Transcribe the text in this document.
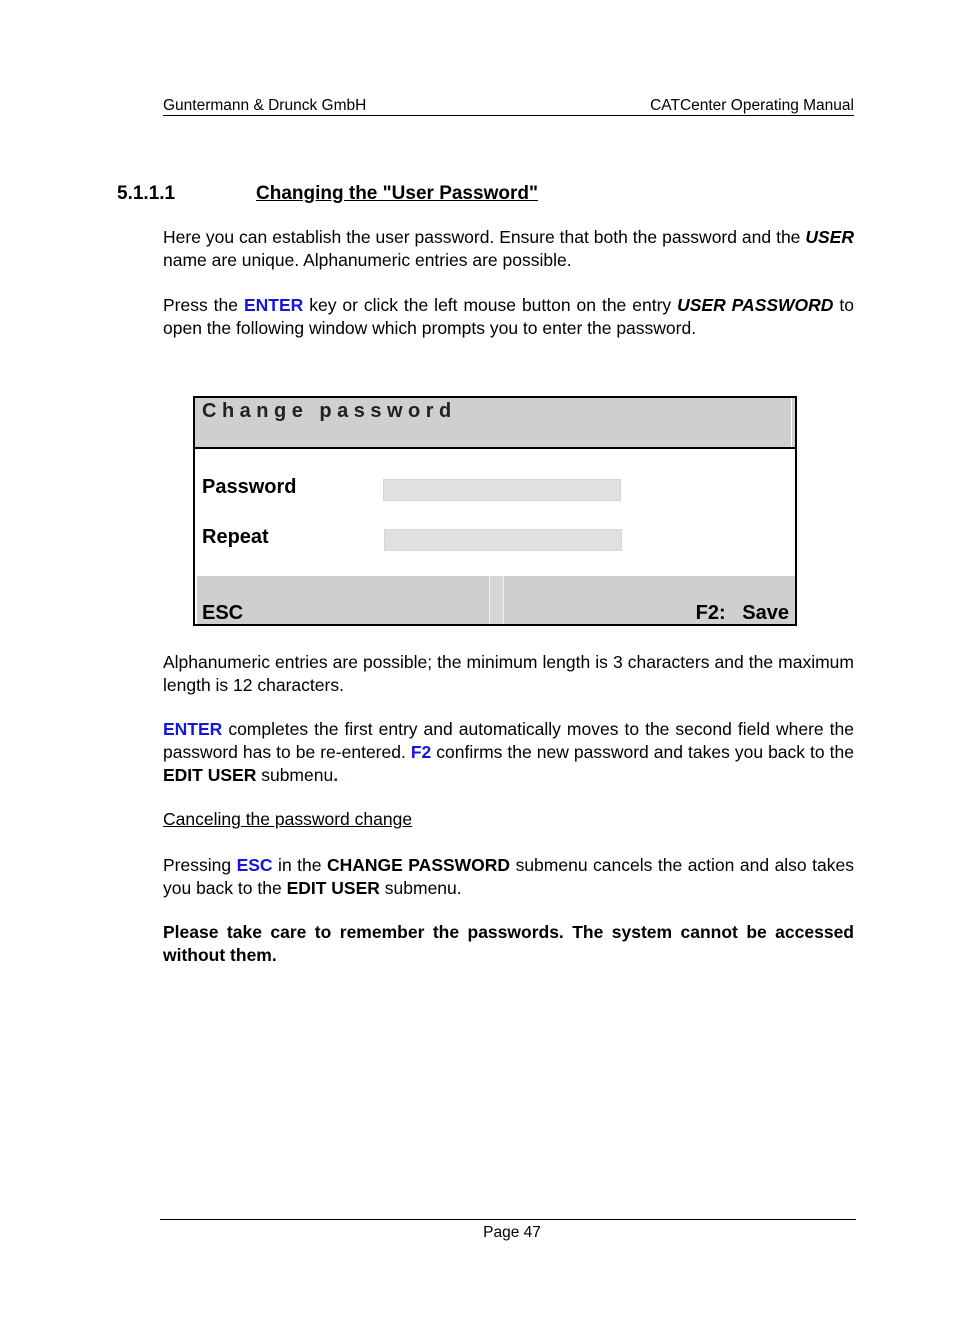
Guntermann & Drunck GmbH	CATCenter Operating Manual
5.1.1.1	Changing the "User Password"

Here you can establish the user password. Ensure that both the password and the USER name are unique. Alphanumeric entries are possible.

Press the ENTER key or click the left mouse button on the entry USER PASSWORD to open the following window which prompts you to enter the password.

Change password
Password
Repeat
ESC	F2:   Save

Alphanumeric entries are possible; the minimum length is 3 characters and the maximum length is 12 characters.

ENTER completes the first entry and automatically moves to the second field where the password has to be re-entered. F2 confirms the new password and takes you back to the EDIT USER submenu.

Canceling the password change

Pressing ESC in the CHANGE PASSWORD submenu cancels the action and also takes you back to the EDIT USER submenu.

Please take care to remember the passwords. The system cannot be accessed without them.

Page 47
